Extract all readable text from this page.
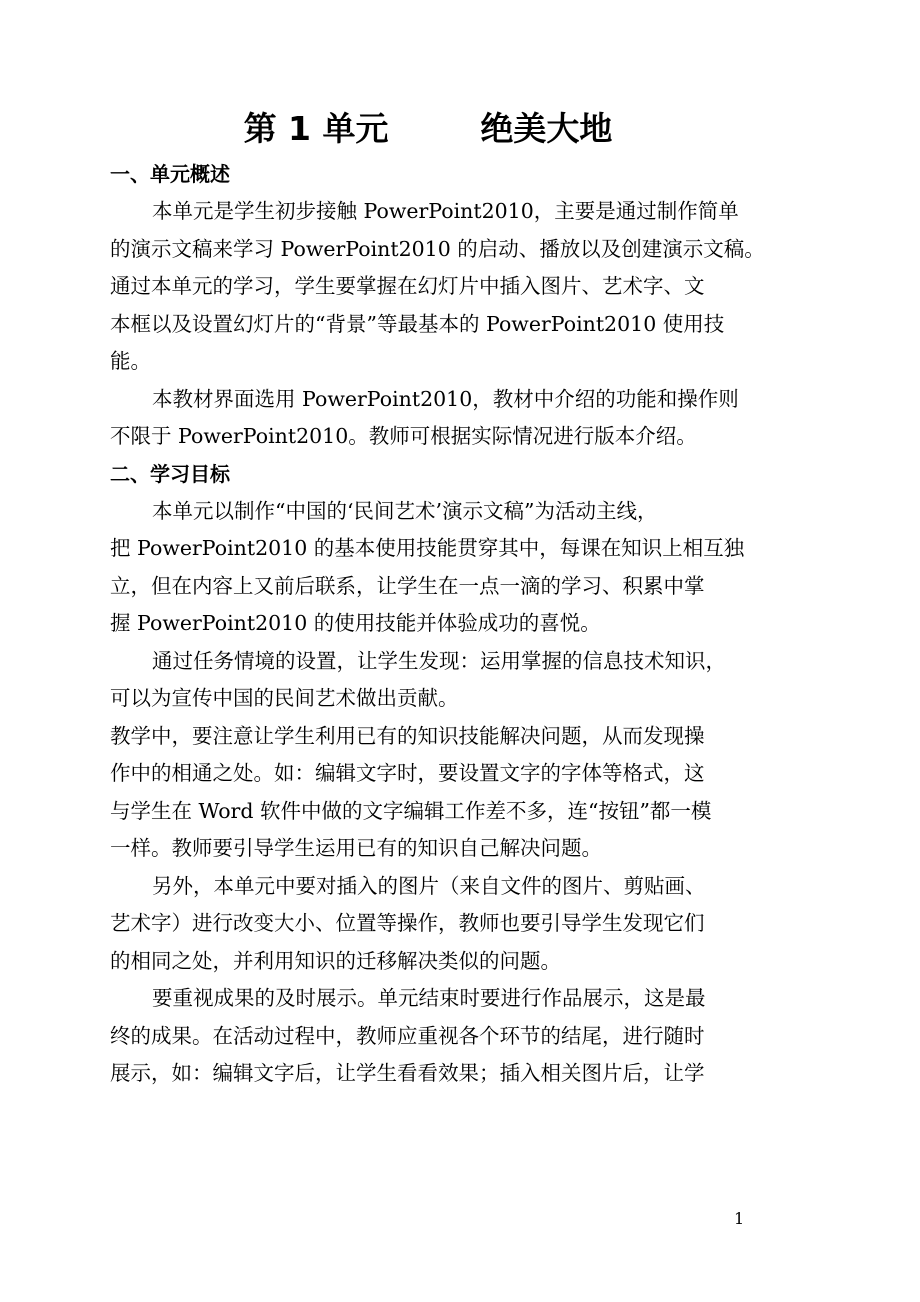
第 1 单元        绝美大地
一、单元概述
本单元是学生初步接触 PowerPoint2010，主要是通过制作简单
的演示文稿来学习 PowerPoint2010 的启动、播放以及创建演示文稿。
通过本单元的学习，学生要掌握在幻灯片中插入图片、艺术字、文
本框以及设置幻灯片的“背景”等最基本的 PowerPoint2010 使用技
能。
本教材界面选用 PowerPoint2010，教材中介绍的功能和操作则
不限于 PowerPoint2010。教师可根据实际情况进行版本介绍。
二、学习目标
本单元以制作“中国的‘民间艺术’演示文稿”为活动主线，
把 PowerPoint2010 的基本使用技能贯穿其中，每课在知识上相互独
立，但在内容上又前后联系，让学生在一点一滴的学习、积累中掌
握 PowerPoint2010 的使用技能并体验成功的喜悦。
通过任务情境的设置，让学生发现：运用掌握的信息技术知识，
可以为宣传中国的民间艺术做出贡献。
教学中，要注意让学生利用已有的知识技能解决问题，从而发现操
作中的相通之处。如：编辑文字时，要设置文字的字体等格式，这
与学生在 Word 软件中做的文字编辑工作差不多，连“按钮”都一模
一样。教师要引导学生运用已有的知识自己解决问题。
另外，本单元中要对插入的图片（来自文件的图片、剪贴画、
艺术字）进行改变大小、位置等操作，教师也要引导学生发现它们
的相同之处，并利用知识的迁移解决类似的问题。
要重视成果的及时展示。单元结束时要进行作品展示，这是最
终的成果。在活动过程中，教师应重视各个环节的结尾，进行随时
展示，如：编辑文字后，让学生看看效果；插入相关图片后，让学
1
